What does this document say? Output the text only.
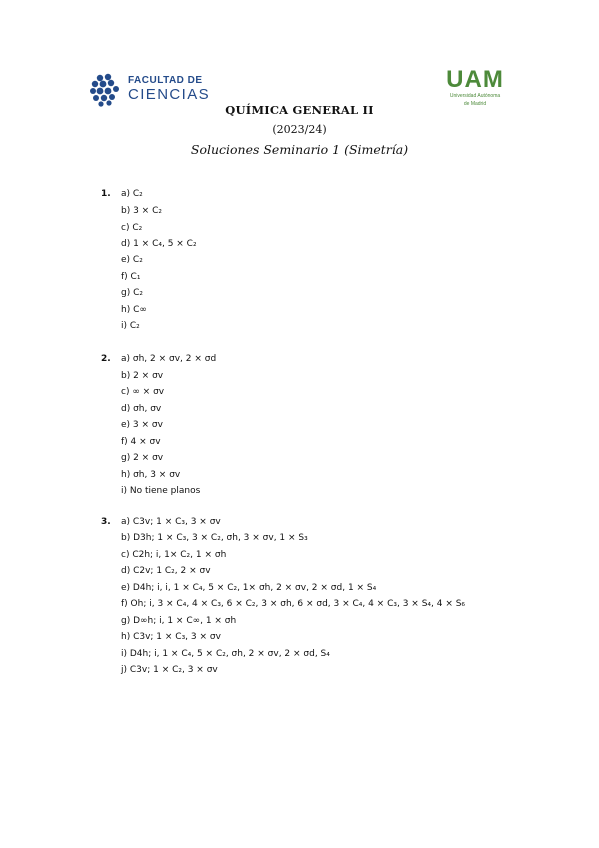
FACULTAD DE
CIENCIAS
UAM
Universidad Autónoma
de Madrid
QUÍMICA GENERAL II
(2023/24)
Soluciones Seminario 1 (Simetría)
1. a) C₂
b) 3 × C₂
c) C₂
d) 1 × C₄, 5 × C₂
e) C₂
f) C₁
g) C₂
h) C∞
i) C₂
2. a) σh, 2 × σv, 2 × σd
b) 2 × σv
c) ∞ × σv
d) σh, σv
e) 3 × σv
f) 4 × σv
g) 2 × σv
h) σh, 3 × σv
i) No tiene planos
3. a) C3v; 1 × C₃, 3 × σv
b) D3h; 1 × C₃, 3 × C₂, σh, 3 × σv, 1 × S₃
c) C2h; i, 1× C₂, 1 × σh
d) C2v; 1 C₂, 2 × σv
e) D4h; i, i, 1 × C₄, 5 × C₂, 1× σh, 2 × σv, 2 × σd, 1 × S₄
f) Oh; i, 3 × C₄, 4 × C₃, 6 × C₂, 3 × σh, 6 × σd, 3 × C₄, 4 × C₃, 3 × S₄, 4 × S₆
g) D∞h; i, 1 × C∞, 1 × σh
h) C3v; 1 × C₃, 3 × σv
i) D4h; i, 1 × C₄, 5 × C₂, σh, 2 × σv, 2 × σd, S₄
j) C3v; 1 × C₂, 3 × σv
